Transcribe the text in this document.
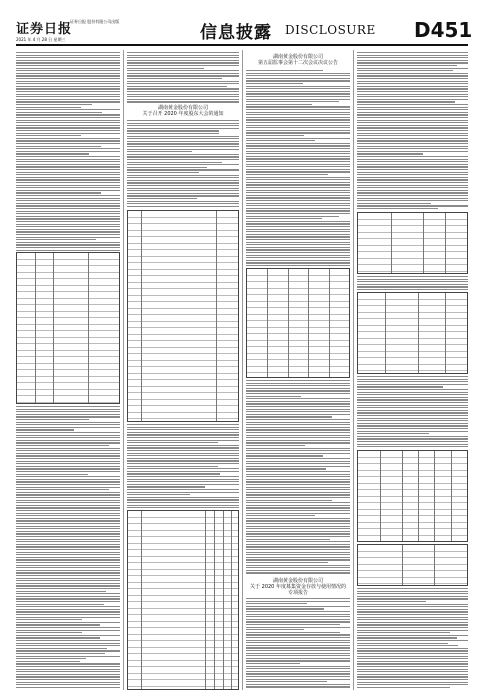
证券日报
证券日报 股份有限公司出版
2021 年 4 月 28 日 星期三	信息披露 DISCLOSURE D451
湖南黄金股份有限公司
关于召开 2020 年度股东大会的通知
湖南黄金股份有限公司
第五届监事会第十二次会议决议公告
湖南黄金股份有限公司
关于 2020 年度募集资金存放与使用情况的
专项报告
